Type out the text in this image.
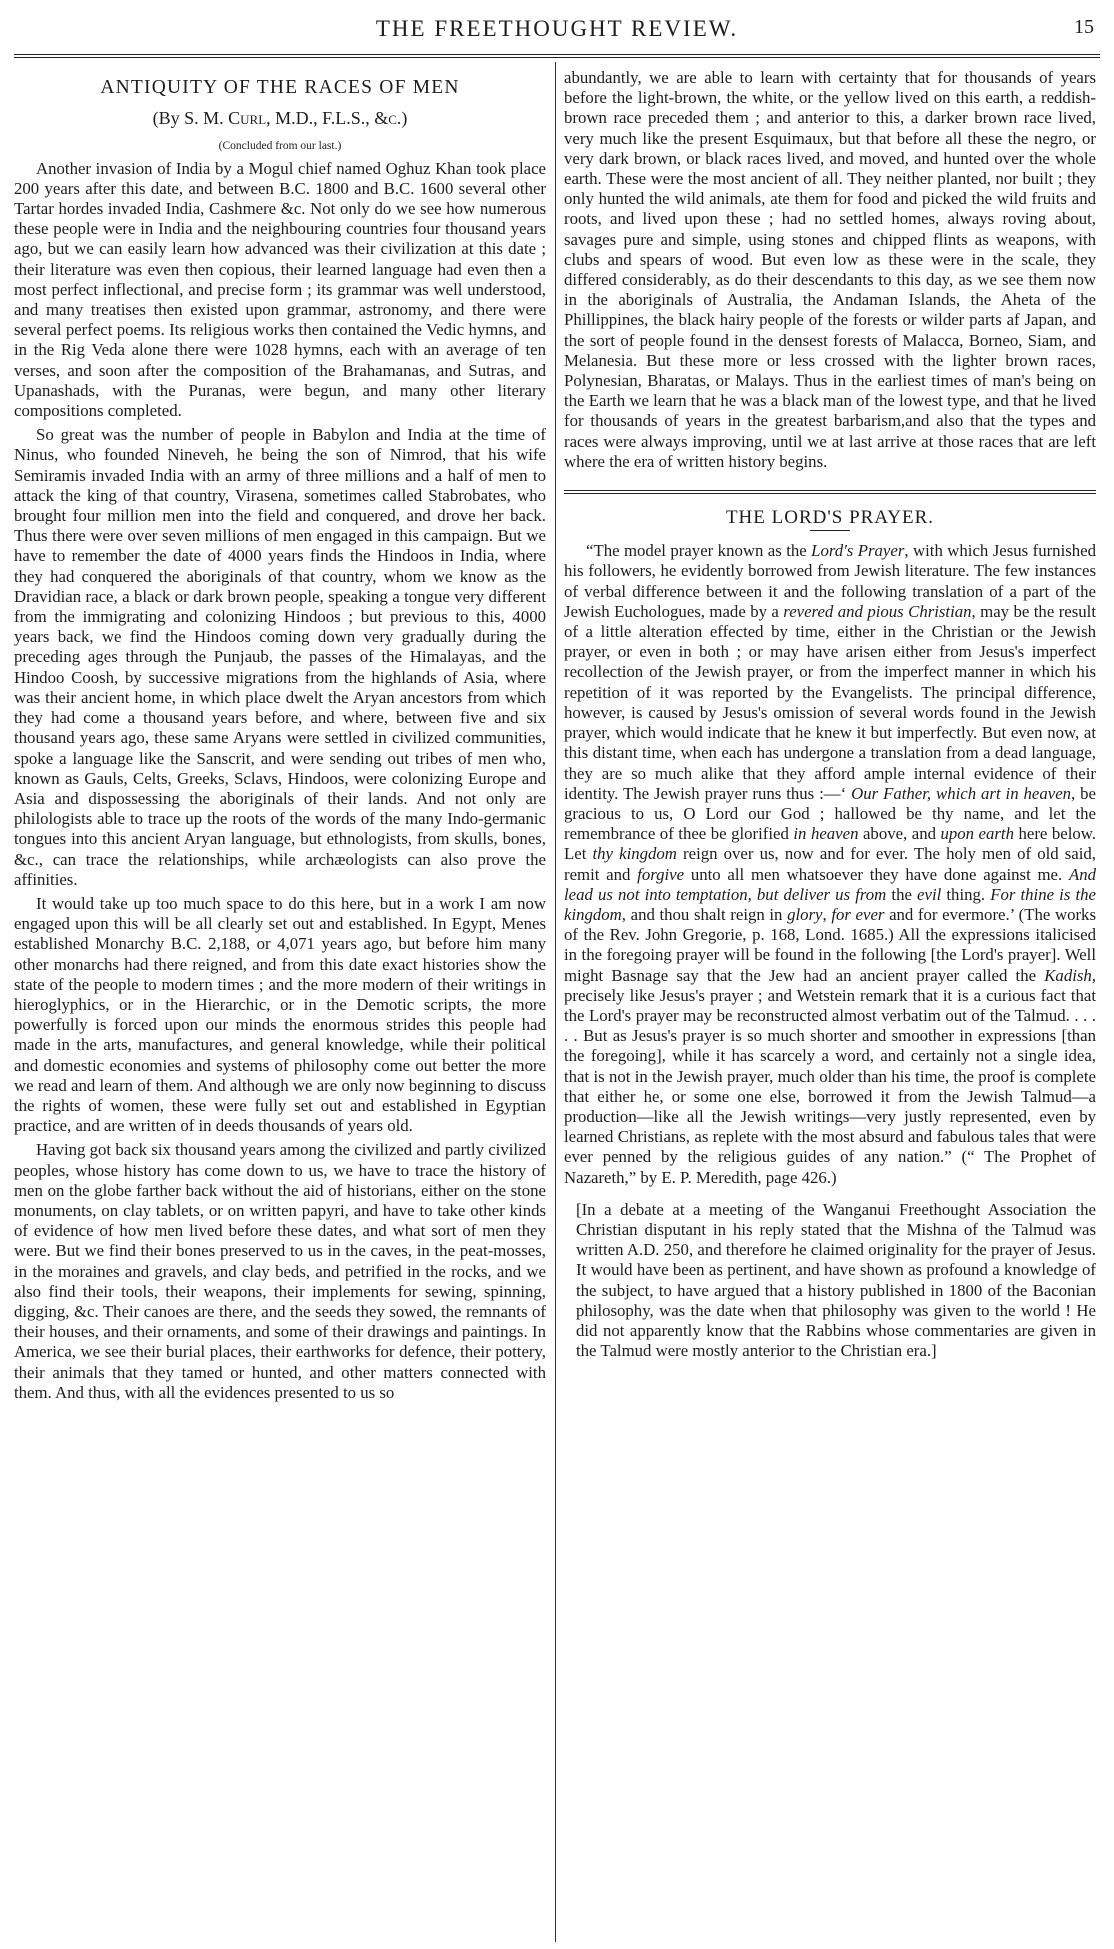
THE FREETHOUGHT REVIEW.	15
ANTIQUITY OF THE RACES OF MEN
(By S. M. Curl, M.D., F.L.S., &c.)
(Concluded from our last.)

Another invasion of India by a Mogul chief named Oghuz Khan took place 200 years after this date, and between B.C. 1800 and B.C. 1600 several other Tartar hordes invaded India, Cashmere &c. Not only do we see how numerous these people were in India and the neighbouring countries four thousand years ago, but we can easily learn how advanced was their civilization at this date ; their literature was even then copious, their learned language had even then a most perfect inflectional, and precise form ; its grammar was well understood, and many treatises then existed upon grammar, astronomy, and there were several perfect poems. Its religious works then contained the Vedic hymns, and in the Rig Veda alone there were 1028 hymns, each with an average of ten verses, and soon after the composition of the Brahamanas, and Sutras, and Upanashads, with the Puranas, were begun, and many other literary compositions completed.

So great was the number of people in Babylon and India at the time of Ninus, who founded Nineveh, he being the son of Nimrod, that his wife Semiramis invaded India with an army of three millions and a half of men to attack the king of that country, Virasena, sometimes called Stabrobates, who brought four million men into the field and conquered, and drove her back. Thus there were over seven millions of men engaged in this campaign. But we have to remember the date of 4000 years finds the Hindoos in India, where they had conquered the aboriginals of that country, whom we know as the Dravidian race, a black or dark brown people, speaking a tongue very different from the immigrating and colonizing Hindoos ; but previous to this, 4000 years back, we find the Hindoos coming down very gradually during the preceding ages through the Punjaub, the passes of the Himalayas, and the Hindoo Coosh, by successive migrations from the highlands of Asia, where was their ancient home, in which place dwelt the Aryan ancestors from which they had come a thousand years before, and where, between five and six thousand years ago, these same Aryans were settled in civilized communities, spoke a language like the Sanscrit, and were sending out tribes of men who, known as Gauls, Celts, Greeks, Sclavs, Hindoos, were colonizing Europe and Asia and dispossessing the aboriginals of their lands. And not only are philologists able to trace up the roots of the words of the many Indo-germanic tongues into this ancient Aryan language, but ethnologists, from skulls, bones, &c., can trace the relationships, while archæologists can also prove the affinities.

It would take up too much space to do this here, but in a work I am now engaged upon this will be all clearly set out and established. In Egypt, Menes established Monarchy B.C. 2,188, or 4,071 years ago, but before him many other monarchs had there reigned, and from this date exact histories show the state of the people to modern times ; and the more modern of their writings in hieroglyphics, or in the Hierarchic, or in the Demotic scripts, the more powerfully is forced upon our minds the enormous strides this people had made in the arts, manufactures, and general knowledge, while their political and domestic economies and systems of philosophy come out better the more we read and learn of them. And although we are only now beginning to discuss the rights of women, these were fully set out and established in Egyptian practice, and are written of in deeds thousands of years old.

Having got back six thousand years among the civilized and partly civilized peoples, whose history has come down to us, we have to trace the history of men on the globe farther back without the aid of historians, either on the stone monuments, on clay tablets, or on written papyri, and have to take other kinds of evidence of how men lived before these dates, and what sort of men they were. But we find their bones preserved to us in the caves, in the peat-mosses, in the moraines and gravels, and clay beds, and petrified in the rocks, and we also find their tools, their weapons, their implements for sewing, spinning, digging, &c. Their canoes are there, and the seeds they sowed, the remnants of their houses, and their ornaments, and some of their drawings and paintings. In America, we see their burial places, their earthworks for defence, their pottery, their animals that they tamed or hunted, and other matters connected with them. And thus, with all the evidences presented to us so

abundantly, we are able to learn with certainty that for thousands of years before the light-brown, the white, or the yellow lived on this earth, a reddish-brown race preceded them ; and anterior to this, a darker brown race lived, very much like the present Esquimaux, but that before all these the negro, or very dark brown, or black races lived, and moved, and hunted over the whole earth. These were the most ancient of all. They neither planted, nor built ; they only hunted the wild animals, ate them for food and picked the wild fruits and roots, and lived upon these ; had no settled homes, always roving about, savages pure and simple, using stones and chipped flints as weapons, with clubs and spears of wood. But even low as these were in the scale, they differed considerably, as do their descendants to this day, as we see them now in the aboriginals of Australia, the Andaman Islands, the Aheta of the Phillippines, the black hairy people of the forests or wilder parts af Japan, and the sort of people found in the densest forests of Malacca, Borneo, Siam, and Melanesia. But these more or less crossed with the lighter brown races, Polynesian, Bharatas, or Malays. Thus in the earliest times of man's being on the Earth we learn that he was a black man of the lowest type, and that he lived for thousands of years in the greatest barbarism,and also that the types and races were always improving, until we at last arrive at those races that are left where the era of written history begins.

THE LORD'S PRAYER.

“The model prayer known as the Lord's Prayer, with which Jesus furnished his followers, he evidently borrowed from Jewish literature. The few instances of verbal difference between it and the following translation of a part of the Jewish Euchologues, made by a revered and pious Christian, may be the result of a little alteration effected by time, either in the Christian or the Jewish prayer, or even in both ; or may have arisen either from Jesus's imperfect recollection of the Jewish prayer, or from the imperfect manner in which his repetition of it was reported by the Evangelists. The principal difference, however, is caused by Jesus's omission of several words found in the Jewish prayer, which would indicate that he knew it but imperfectly. But even now, at this distant time, when each has undergone a translation from a dead language, they are so much alike that they afford ample internal evidence of their identity. The Jewish prayer runs thus :—‘ Our Father, which art in heaven, be gracious to us, O Lord our God ; hallowed be thy name, and let the remembrance of thee be glorified in heaven above, and upon earth here below. Let thy kingdom reign over us, now and for ever. The holy men of old said, remit and forgive unto all men whatsoever they have done against me. And lead us not into temptation, but deliver us from the evil thing. For thine is the kingdom, and thou shalt reign in glory, for ever and for evermore.’ (The works of the Rev. John Gregorie, p. 168, Lond. 1685.) All the expressions italicised in the foregoing prayer will be found in the following [the Lord's prayer]. Well might Basnage say that the Jew had an ancient prayer called the Kadish, precisely like Jesus's prayer ; and Wetstein remark that it is a curious fact that the Lord's prayer may be reconstructed almost verbatim out of the Talmud. . . . . . But as Jesus's prayer is so much shorter and smoother in expressions [than the foregoing], while it has scarcely a word, and certainly not a single idea, that is not in the Jewish prayer, much older than his time, the proof is complete that either he, or some one else, borrowed it from the Jewish Talmud—a production—like all the Jewish writings—very justly represented, even by learned Christians, as replete with the most absurd and fabulous tales that were ever penned by the religious guides of any nation.” (“ The Prophet of Nazareth,” by E. P. Meredith, page 426.)

[In a debate at a meeting of the Wanganui Freethought Association the Christian disputant in his reply stated that the Mishna of the Talmud was written A.D. 250, and therefore he claimed originality for the prayer of Jesus. It would have been as pertinent, and have shown as profound a knowledge of the subject, to have argued that a history published in 1800 of the Baconian philosophy, was the date when that philosophy was given to the world ! He did not apparently know that the Rabbins whose commentaries are given in the Talmud were mostly anterior to the Christian era.]
